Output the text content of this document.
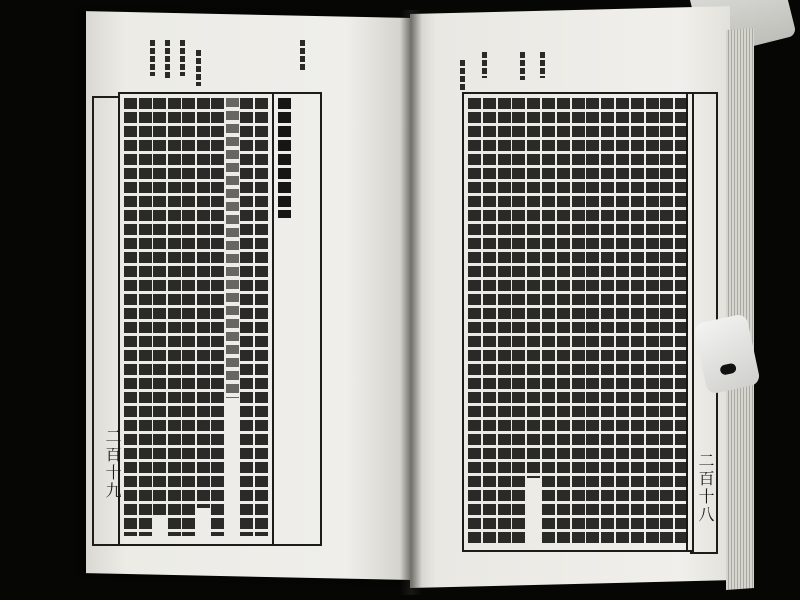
二百十九	二百十八
